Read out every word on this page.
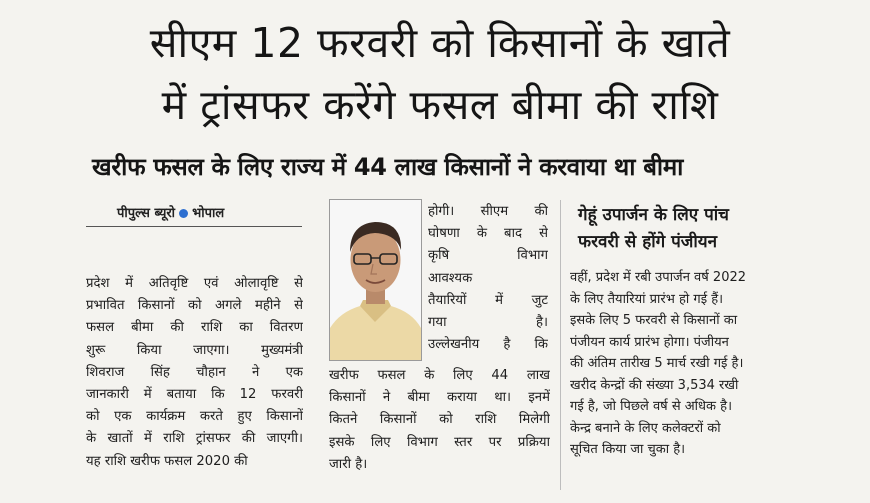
सीएम 12 फरवरी को किसानों के खाते
में ट्रांसफर करेंगे फसल बीमा की राशि
खरीफ फसल के लिए राज्य में 44 लाख किसानों ने करवाया था बीमा
पीपुल्स ब्यूरो भोपाल
प्रदेश में अतिवृष्टि एवं ओलावृष्टि से
प्रभावित किसानों को अगले महीने से
फसल बीमा की राशि का वितरण
शुरू किया जाएगा। मुख्यमंत्री
शिवराज सिंह चौहान ने एक
जानकारी में बताया कि 12 फरवरी
को एक कार्यक्रम करते हुए किसानों
के खातों में राशि ट्रांसफर की जाएगी।
यह राशि खरीफ फसल 2020 की
होगी। सीएम की
घोषणा के बाद से
कृषि विभाग
आवश्यक
तैयारियों में जुट
गया है।
उल्लेखनीय है कि
खरीफ फसल के लिए 44 लाख
किसानों ने बीमा कराया था। इनमें
कितने किसानों को राशि मिलेगी
इसके लिए विभाग स्तर पर प्रक्रिया
जारी है।
गेहूं उपार्जन के लिए पांच
फरवरी से होंगे पंजीयन
वहीं, प्रदेश में रबी उपार्जन वर्ष 2022
के लिए तैयारियां प्रारंभ हो गई हैं।
इसके लिए 5 फरवरी से किसानों का
पंजीयन कार्य प्रारंभ होगा। पंजीयन
की अंतिम तारीख 5 मार्च रखी गई है।
खरीद केन्द्रों की संख्या 3,534 रखी
गई है, जो पिछले वर्ष से अधिक है।
केन्द्र बनाने के लिए कलेक्टरों को
सूचित किया जा चुका है।
